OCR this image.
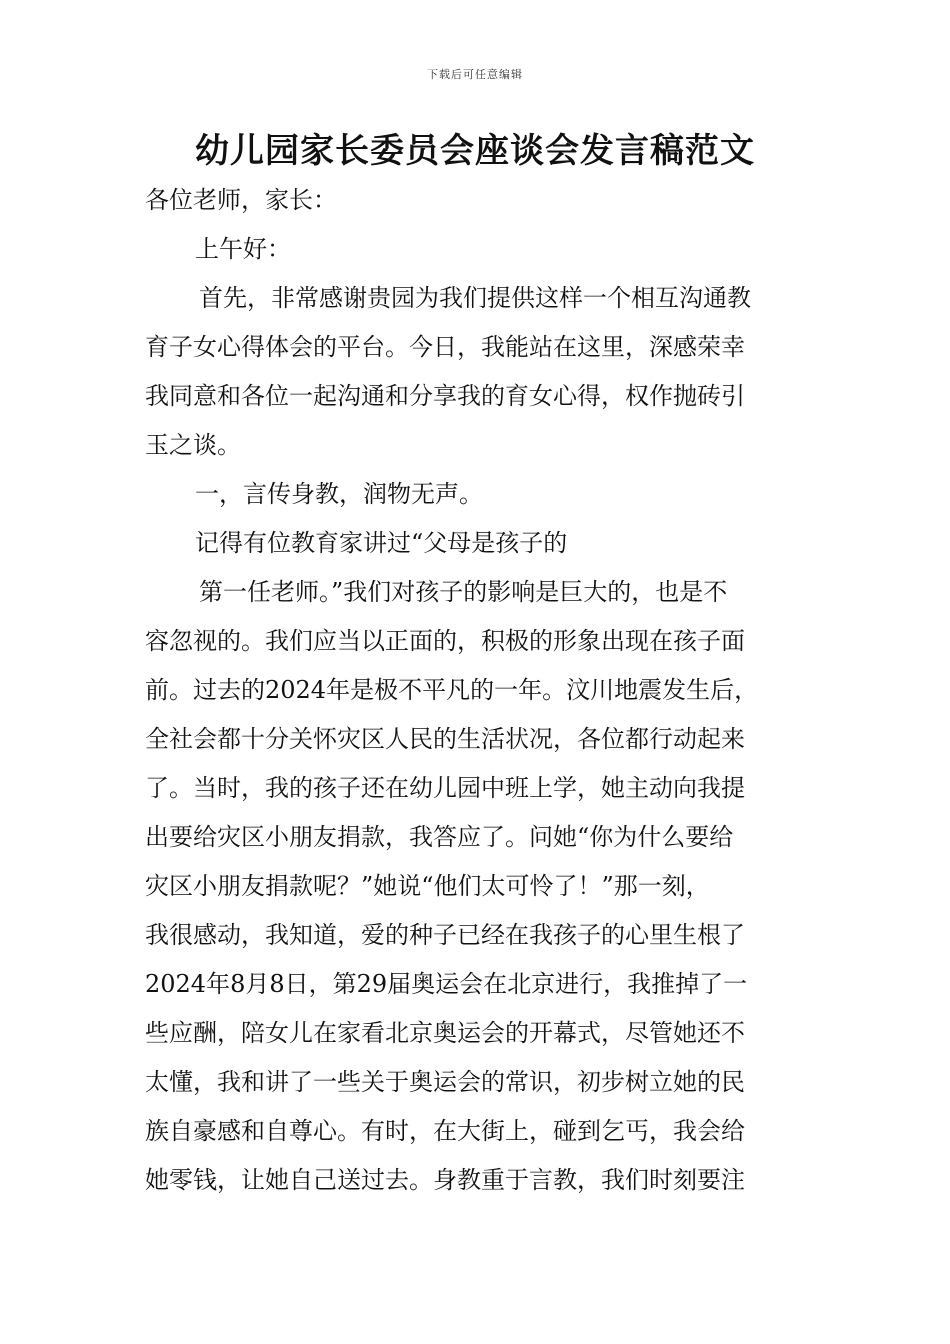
下载后可任意编辑
幼儿园家长委员会座谈会发言稿范文
各位老师，家长：
上午好：
首先，非常感谢贵园为我们提供这样一个相互沟通教
育子女心得体会的平台。今日，我能站在这里，深感荣幸
我同意和各位一起沟通和分享我的育女心得，权作抛砖引
玉之谈。
一，言传身教，润物无声。
记得有位教育家讲过“父母是孩子的
第一任老师。”我们对孩子的影响是巨大的，也是不
容忽视的。我们应当以正面的，积极的形象出现在孩子面
前。过去的2024年是极不平凡的一年。汶川地震发生后，
全社会都十分关怀灾区人民的生活状况，各位都行动起来
了。当时，我的孩子还在幼儿园中班上学，她主动向我提
出要给灾区小朋友捐款，我答应了。问她“你为什么要给
灾区小朋友捐款呢？”她说“他们太可怜了！”那一刻，
我很感动，我知道，爱的种子已经在我孩子的心里生根了
2024年8月8日，第29届奥运会在北京进行，我推掉了一
些应酬，陪女儿在家看北京奥运会的开幕式，尽管她还不
太懂，我和讲了一些关于奥运会的常识，初步树立她的民
族自豪感和自尊心。有时，在大街上，碰到乞丐，我会给
她零钱，让她自己送过去。身教重于言教，我们时刻要注
